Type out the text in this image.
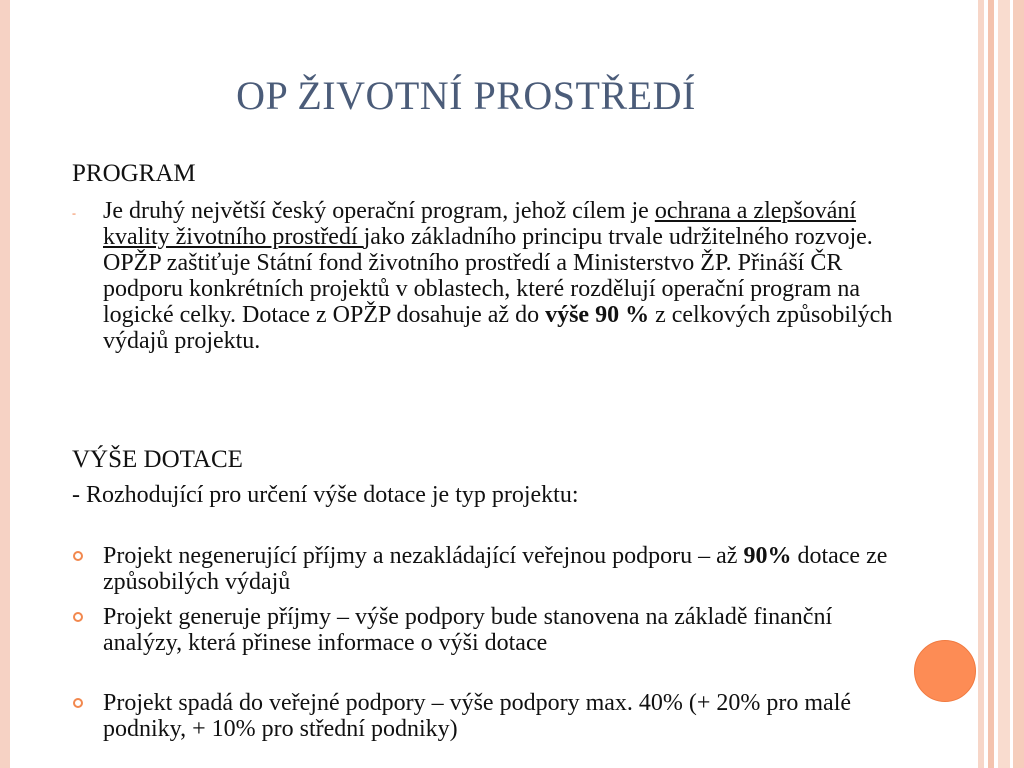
OP ŽIVOTNÍ PROSTŘEDÍ
PROGRAM
- Je druhý největší český operační program, jehož cílem je ochrana a zlepšování kvality životního prostředí jako základního principu trvale udržitelného rozvoje. OPŽP zaštiťuje Státní fond životního prostředí a Ministerstvo ŽP. Přináší ČR podporu konkrétních projektů v oblastech, které rozdělují operační program na logické celky. Dotace z OPŽP dosahuje až do výše 90 % z celkových způsobilých výdajů projektu.
VÝŠE DOTACE
- Rozhodující pro určení výše dotace je typ projektu:
Projekt negenerující příjmy a nezakládající veřejnou podporu – až 90% dotace ze způsobilých výdajů
Projekt generuje příjmy – výše podpory bude stanovena na základě finanční analýzy, která přinese informace o výši dotace
Projekt spadá do veřejné podpory – výše podpory max. 40% (+ 20% pro malé podniky, + 10% pro střední podniky)
